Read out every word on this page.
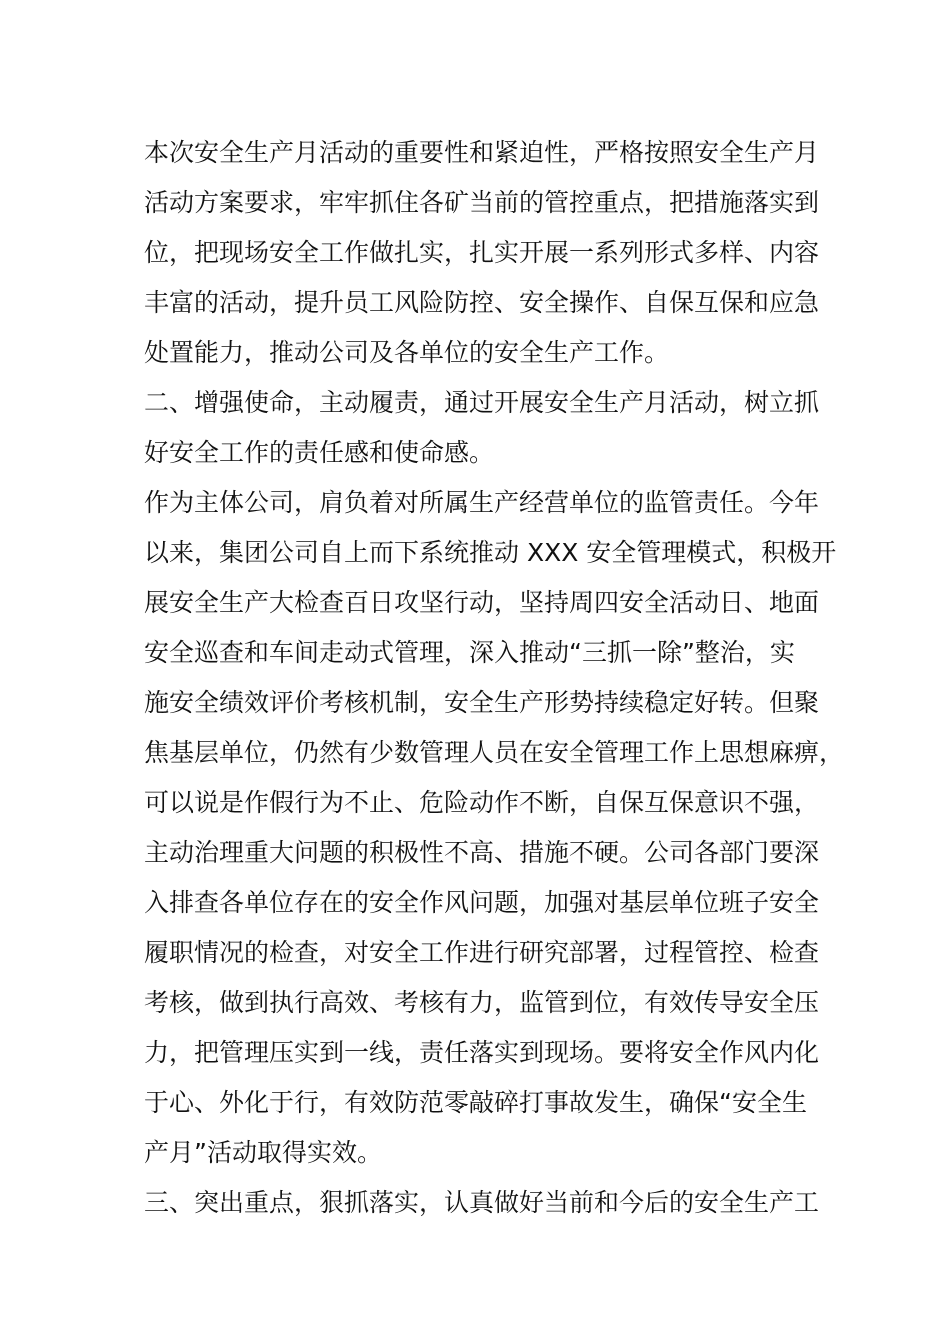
本次安全生产月活动的重要性和紧迫性，严格按照安全生产月
活动方案要求，牢牢抓住各矿当前的管控重点，把措施落实到
位，把现场安全工作做扎实，扎实开展一系列形式多样、内容
丰富的活动，提升员工风险防控、安全操作、自保互保和应急
处置能力，推动公司及各单位的安全生产工作。
二、增强使命，主动履责，通过开展安全生产月活动，树立抓
好安全工作的责任感和使命感。
作为主体公司，肩负着对所属生产经营单位的监管责任。今年
以来，集团公司自上而下系统推动 XXX 安全管理模式，积极开
展安全生产大检查百日攻坚行动，坚持周四安全活动日、地面
安全巡查和车间走动式管理，深入推动“三抓一除”整治，实
施安全绩效评价考核机制，安全生产形势持续稳定好转。但聚
焦基层单位，仍然有少数管理人员在安全管理工作上思想麻痹，
可以说是作假行为不止、危险动作不断，自保互保意识不强，
主动治理重大问题的积极性不高、措施不硬。公司各部门要深
入排查各单位存在的安全作风问题，加强对基层单位班子安全
履职情况的检查，对安全工作进行研究部署，过程管控、检查
考核，做到执行高效、考核有力，监管到位，有效传导安全压
力，把管理压实到一线，责任落实到现场。要将安全作风内化
于心、外化于行，有效防范零敲碎打事故发生，确保“安全生
产月”活动取得实效。
三、突出重点，狠抓落实，认真做好当前和今后的安全生产工
